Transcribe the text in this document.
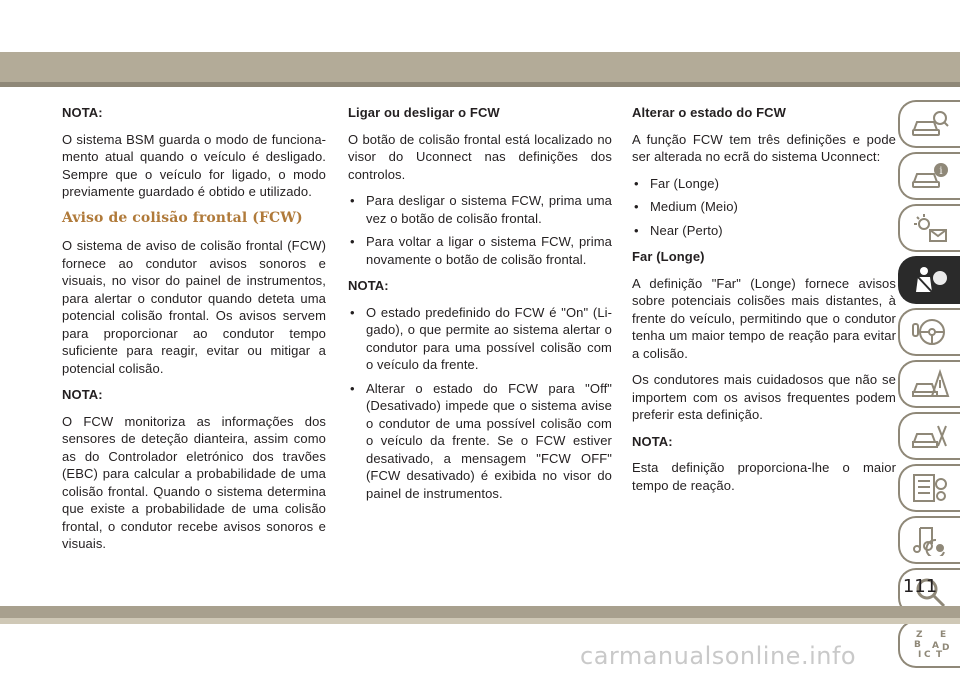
NOTA:

O sistema BSM guarda o modo de funcionamento atual quando o veículo é desligado. Sempre que o veículo for ligado, o modo previamente guardado é obtido e utilizado.

Aviso de colisão frontal (FCW)

O sistema de aviso de colisão frontal (FCW) fornece ao condutor avisos sonoros e visuais, no visor do painel de instrumentos, para alertar o condutor quando deteta uma potencial colisão frontal. Os avisos servem para proporcionar ao condutor tempo suficiente para reagir, evitar ou mitigar a potencial colisão.

NOTA:

O FCW monitoriza as informações dos sensores de deteção dianteira, assim como as do Controlador eletrónico dos travões (EBC) para calcular a probabilidade de uma colisão frontal. Quando o sistema determina que existe a probabilidade de uma colisão frontal, o condutor recebe avisos sonoros e visuais.

Ligar ou desligar o FCW

O botão de colisão frontal está localizado no visor do Uconnect nas definições dos controlos.

• Para desligar o sistema FCW, prima uma vez o botão de colisão frontal.
• Para voltar a ligar o sistema FCW, prima novamente o botão de colisão frontal.

NOTA:

• O estado predefinido do FCW é "On" (Ligado), o que permite ao sistema alertar o condutor para uma possível colisão com o veículo da frente.
• Alterar o estado do FCW para "Off" (Desativado) impede que o sistema avise o condutor de uma possível colisão com o veículo da frente. Se o FCW estiver desativado, a mensagem "FCW OFF" (FCW desativado) é exibida no visor do painel de instrumentos.

Alterar o estado do FCW

A função FCW tem três definições e pode ser alterada no ecrã do sistema Uconnect:

• Far (Longe)
• Medium (Meio)
• Near (Perto)

Far (Longe)

A definição "Far" (Longe) fornece avisos sobre potenciais colisões mais distantes, à frente do veículo, permitindo que o condutor tenha um maior tempo de reação para evitar a colisão.

Os condutores mais cuidadosos que não se importem com os avisos frequentes podem preferir esta definição.

NOTA:

Esta definição proporciona-lhe o maior tempo de reação.

i
Z E
B A
I C T
D
111
carmanualsonline.info
